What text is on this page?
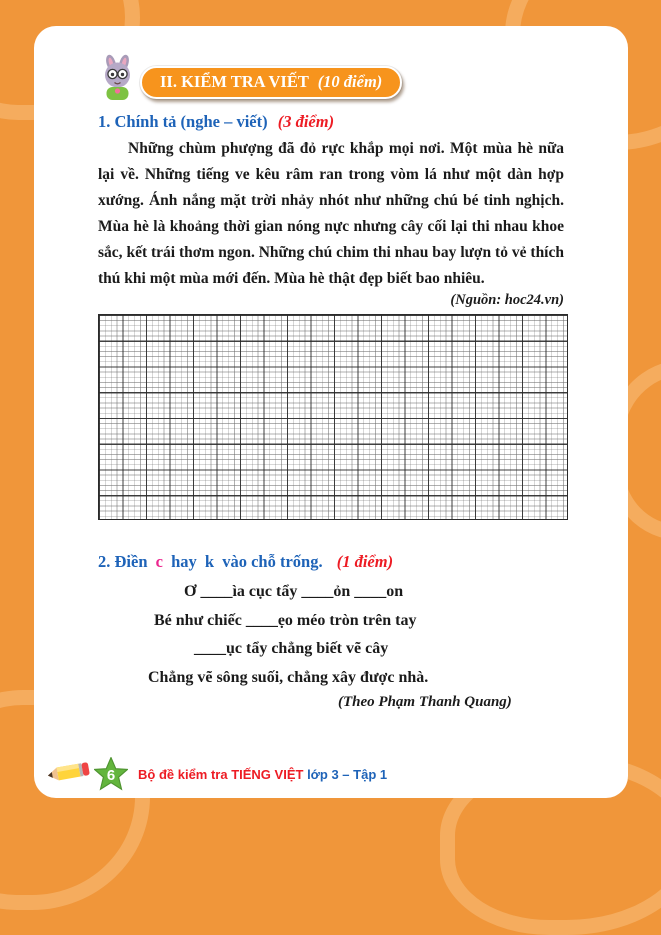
II. KIỂM TRA VIẾT (10 điểm)
1. Chính tả (nghe – viết) (3 điểm)

Những chùm phượng đã đỏ rực khắp mọi nơi. Một mùa hè nữa lại về. Những tiếng ve kêu râm ran trong vòm lá như một dàn hợp xướng. Ánh nắng mặt trời nhảy nhót như những chú bé tinh nghịch. Mùa hè là khoảng thời gian nóng nực nhưng cây cối lại thi nhau khoe sắc, kết trái thơm ngon. Những chú chim thi nhau bay lượn tỏ vẻ thích thú khi một mùa mới đến. Mùa hè thật đẹp biết bao nhiêu.

(Nguồn: hoc24.vn)
2. Điền c hay k vào chỗ trống. (1 điểm)
Ơ ____ìa cục tẩy ____ỏn ____on
Bé như chiếc ____ẹo méo tròn trên tay
____ục tẩy chẳng biết vẽ cây
Chẳng vẽ sông suối, chẳng xây được nhà.
(Theo Phạm Thanh Quang)
6	Bộ đề kiểm tra TIẾNG VIỆT lớp 3 – Tập 1
